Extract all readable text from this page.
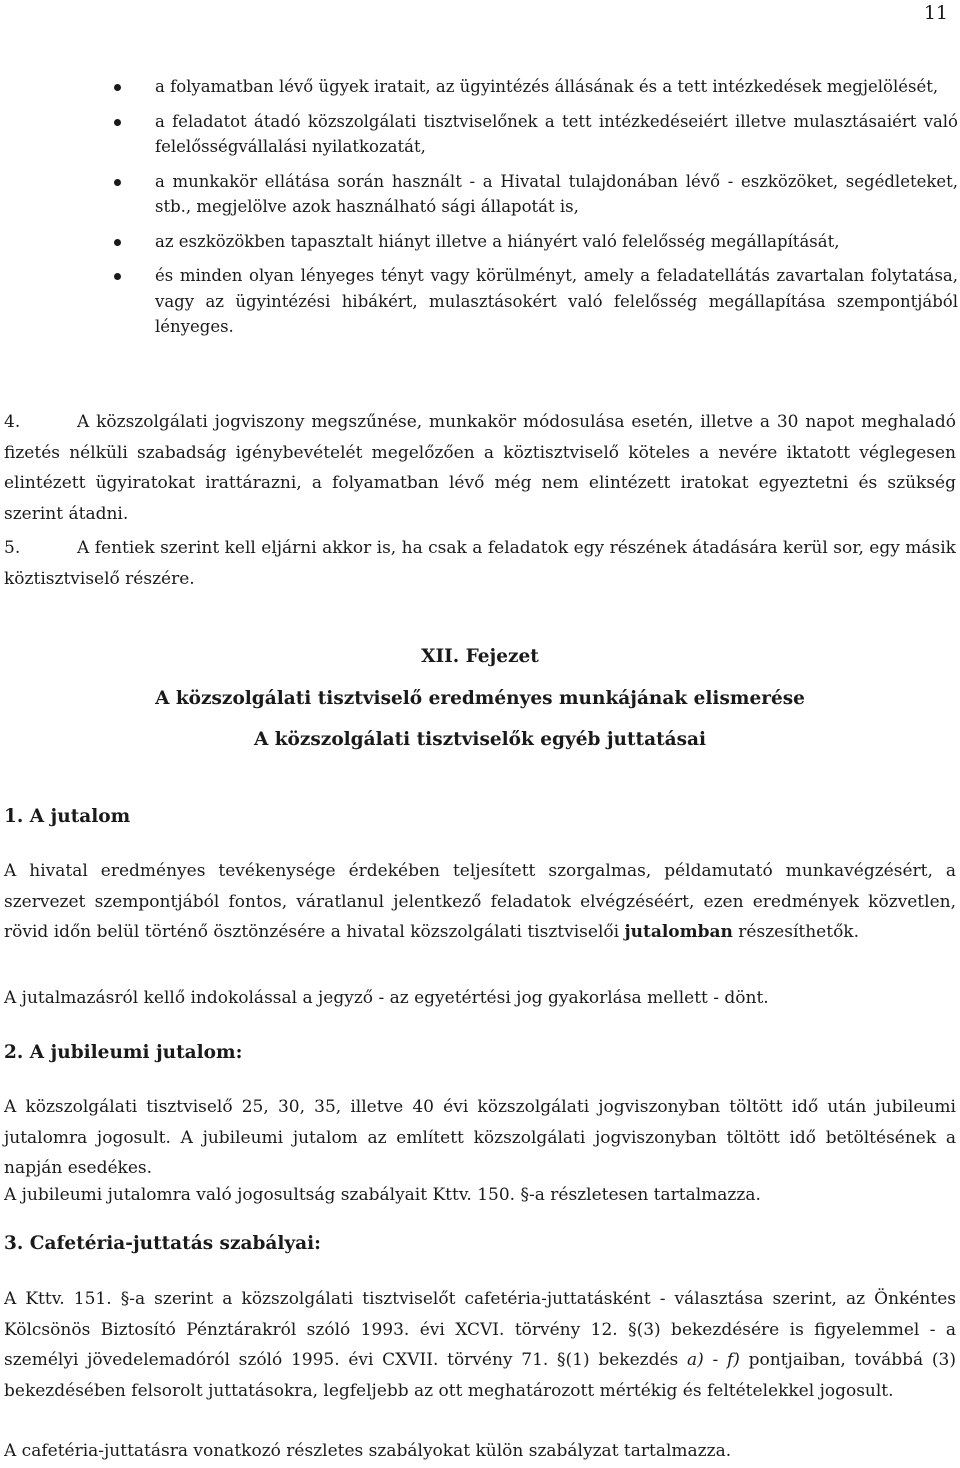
11
a folyamatban lévő ügyek iratait, az ügyintézés állásának és a tett intézkedések megjelölését,
a feladatot átadó közszolgálati tisztviselőnek a tett intézkedéseiért illetve mulasztásaiért való felelősségvállalási nyilatkozatát,
a munkakör ellátása során használt - a Hivatal tulajdonában lévő - eszközöket, segédleteket, stb., megjelölve azok használható sági állapotát is,
az eszközökben tapasztalt hiányt illetve a hiányért való felelősség megállapítását,
és minden olyan lényeges tényt vagy körülményt, amely a feladatellátás zavartalan folytatása, vagy az ügyintézési hibákért, mulasztásokért való felelősség megállapítása szempontjából lényeges.

4.	A közszolgálati jogviszony megszűnése, munkakör módosulása esetén, illetve a 30 napot meghaladó fizetés nélküli szabadság igénybevételét megelőzően a köztisztviselő köteles a nevére iktatott véglegesen elintézett ügyiratokat irattárazni, a folyamatban lévő még nem elintézett iratokat egyeztetni és szükség szerint átadni.

5.	A fentiek szerint kell eljárni akkor is, ha csak a feladatok egy részének átadására kerül sor, egy másik köztisztviselő részére.

XII. Fejezet

A közszolgálati tisztviselő eredményes munkájának elismerése

A közszolgálati tisztviselők egyéb juttatásai

1. A jutalom

A hivatal eredményes tevékenysége érdekében teljesített szorgalmas, példamutató munkavégzésért, a szervezet szempontjából fontos, váratlanul jelentkező feladatok elvégzéséért, ezen eredmények közvetlen, rövid időn belül történő ösztönzésére a hivatal közszolgálati tisztviselői jutalomban részesíthetők.

A jutalmazásról kellő indokolással a jegyző - az egyetértési jog gyakorlása mellett - dönt.

2. A jubileumi jutalom:

A közszolgálati tisztviselő 25, 30, 35, illetve 40 évi közszolgálati jogviszonyban töltött idő után jubileumi jutalomra jogosult. A jubileumi jutalom az említett közszolgálati jogviszonyban töltött idő betöltésének a napján esedékes.

A jubileumi jutalomra való jogosultság szabályait Kttv. 150. §-a részletesen tartalmazza.

3. Cafetéria-juttatás szabályai:

A Kttv. 151. §-a szerint a közszolgálati tisztviselőt cafetéria-juttatásként - választása szerint, az Önkéntes Kölcsönös Biztosító Pénztárakról szóló 1993. évi XCVI. törvény 12. §(3) bekezdésére is figyelemmel - a személyi jövedelemadóról szóló 1995. évi CXVII. törvény 71. §(1) bekezdés a) - f) pontjaiban, továbbá (3) bekezdésében felsorolt juttatásokra, legfeljebb az ott meghatározott mértékig és feltételekkel jogosult.

A cafetéria-juttatásra vonatkozó részletes szabályokat külön szabályzat tartalmazza.
